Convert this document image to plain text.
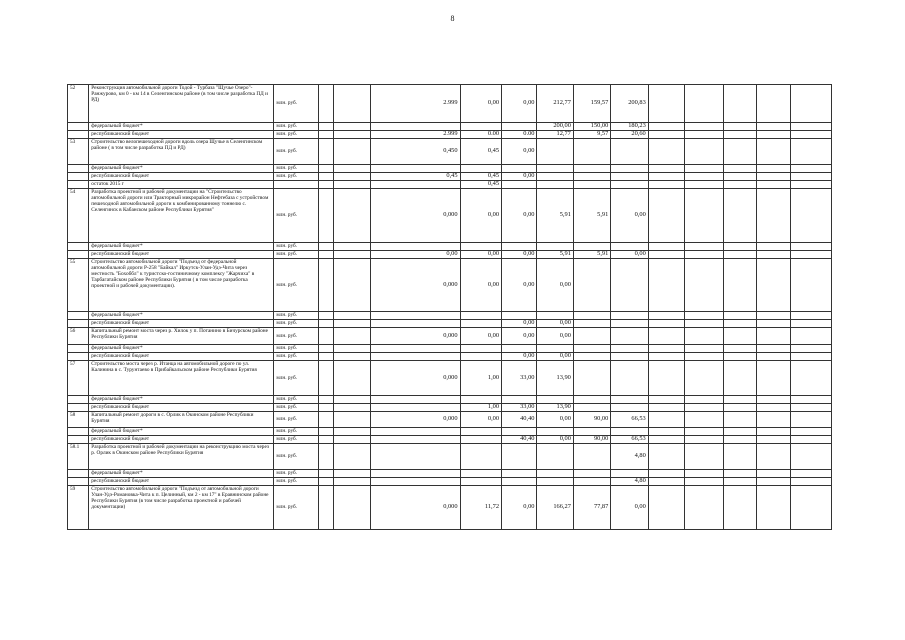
8
52	Реконструкция автомобильной дороги Тодой - Турбаза "Щучье Озеро"- Ранжурово, км 0 - км 14 в Селенгинском районе (в том числе разработка ПД и РД)	млн. руб.			2.999	0,00	0,00	212,77	159,57	200,83					
	федеральный бюджет*	млн. руб.						200,00	150,00	180,23					
	республиканский бюджет	млн. руб.			2.999	0.00	0.00	12,77	9,57	20,60					
53	Строительство велопешеходной дороги вдоль озера Щучье в Селенгинском районе ( в том числе разработка ПД и РД)	млн. руб.			0,450	0,45	0,00								
	федеральный бюджет*	млн. руб.													
	республиканский бюджет	млн. руб.			0,45	0,45	0,00								
	остаток 2015 г					0,45									
54	Разработка проектной и рабочей документации на "Строительство автомобильной дороги или Тракторный микрорайон Нефтебаза с устройством пешеходной автомобильной дороги к комбинированному тоннелю с. Селенгинск в Кабанском районе Республики Бурятия"	млн. руб.			0,000	0,00	0,00	5,91	5,91	0,00					
	федеральный бюджет*	млн. руб.													
	республиканский бюджет	млн. руб.			0,00	0,00	0,00	5,91	5,91	0,00					
55	Строительство автомобильной дороги "Подъезд от федеральной автомобильной дороги Р-258 "Байкал" Иркутск-Улан-Удэ-Чита через местность "Бохоббл" к туристско-гостиничному комплексу "Жарчиха" в Тарбагатайском районе Республики Бурятия ( в том числе разработка проектной и рабочей документации).	млн. руб.			0,000	0,00	0,00	0,00							
	федеральный бюджет*	млн. руб.													
	республиканский бюджет	млн. руб.					0,00	0,00							
56	Капитальный ремонт моста через р. Хилок у п. Потанино в Бичурском районе Республики Бурятия	млн. руб.			0,000	0,00	0,00	0,00							
	федеральный бюджет*	млн. руб.													
	республиканский бюджет	млн. руб.					0,00	0,00							
57	Строительство моста через р. Итанца на автомобильной дороге по ул. Калинина в с. Турунтаево в Прибайкальском районе Республики Бурятия	млн. руб.			0,000	1,00	33,00	13,90							
	федеральный бюджет*	млн. руб.													
	республиканский бюджет	млн. руб.				1,00	33,00	13,90							
58	Капитальный ремонт дороги в с. Орлик в Окинском районе Республики Бурятия	млн. руб.			0,000	0,00	40,40	0,00	90,00	66,53					
	федеральный бюджет*	млн. руб.													
	республиканский бюджет	млн. руб.					40,40	0,00	90,00	66,53					
58.1	Разработка проектной и рабочей документации на реконструкцию моста через р. Орлик в Окинском районе Республики Бурятия	млн. руб.								4,80					
	федеральный бюджет*	млн. руб.													
	республиканский бюджет	млн. руб.								4,80					
59	Строительство автомобильной дороги "Подъезд от автомобильной дороги Улан-Удэ-Романовка-Чита к п. Целинный, км 2 - км 17" в Еравнинском районе Республики Бурятия (в том числе разработка проектной и рабочей документации)	млн. руб.			0,000	11,72	0,00	166,27	77,87	0,00					
